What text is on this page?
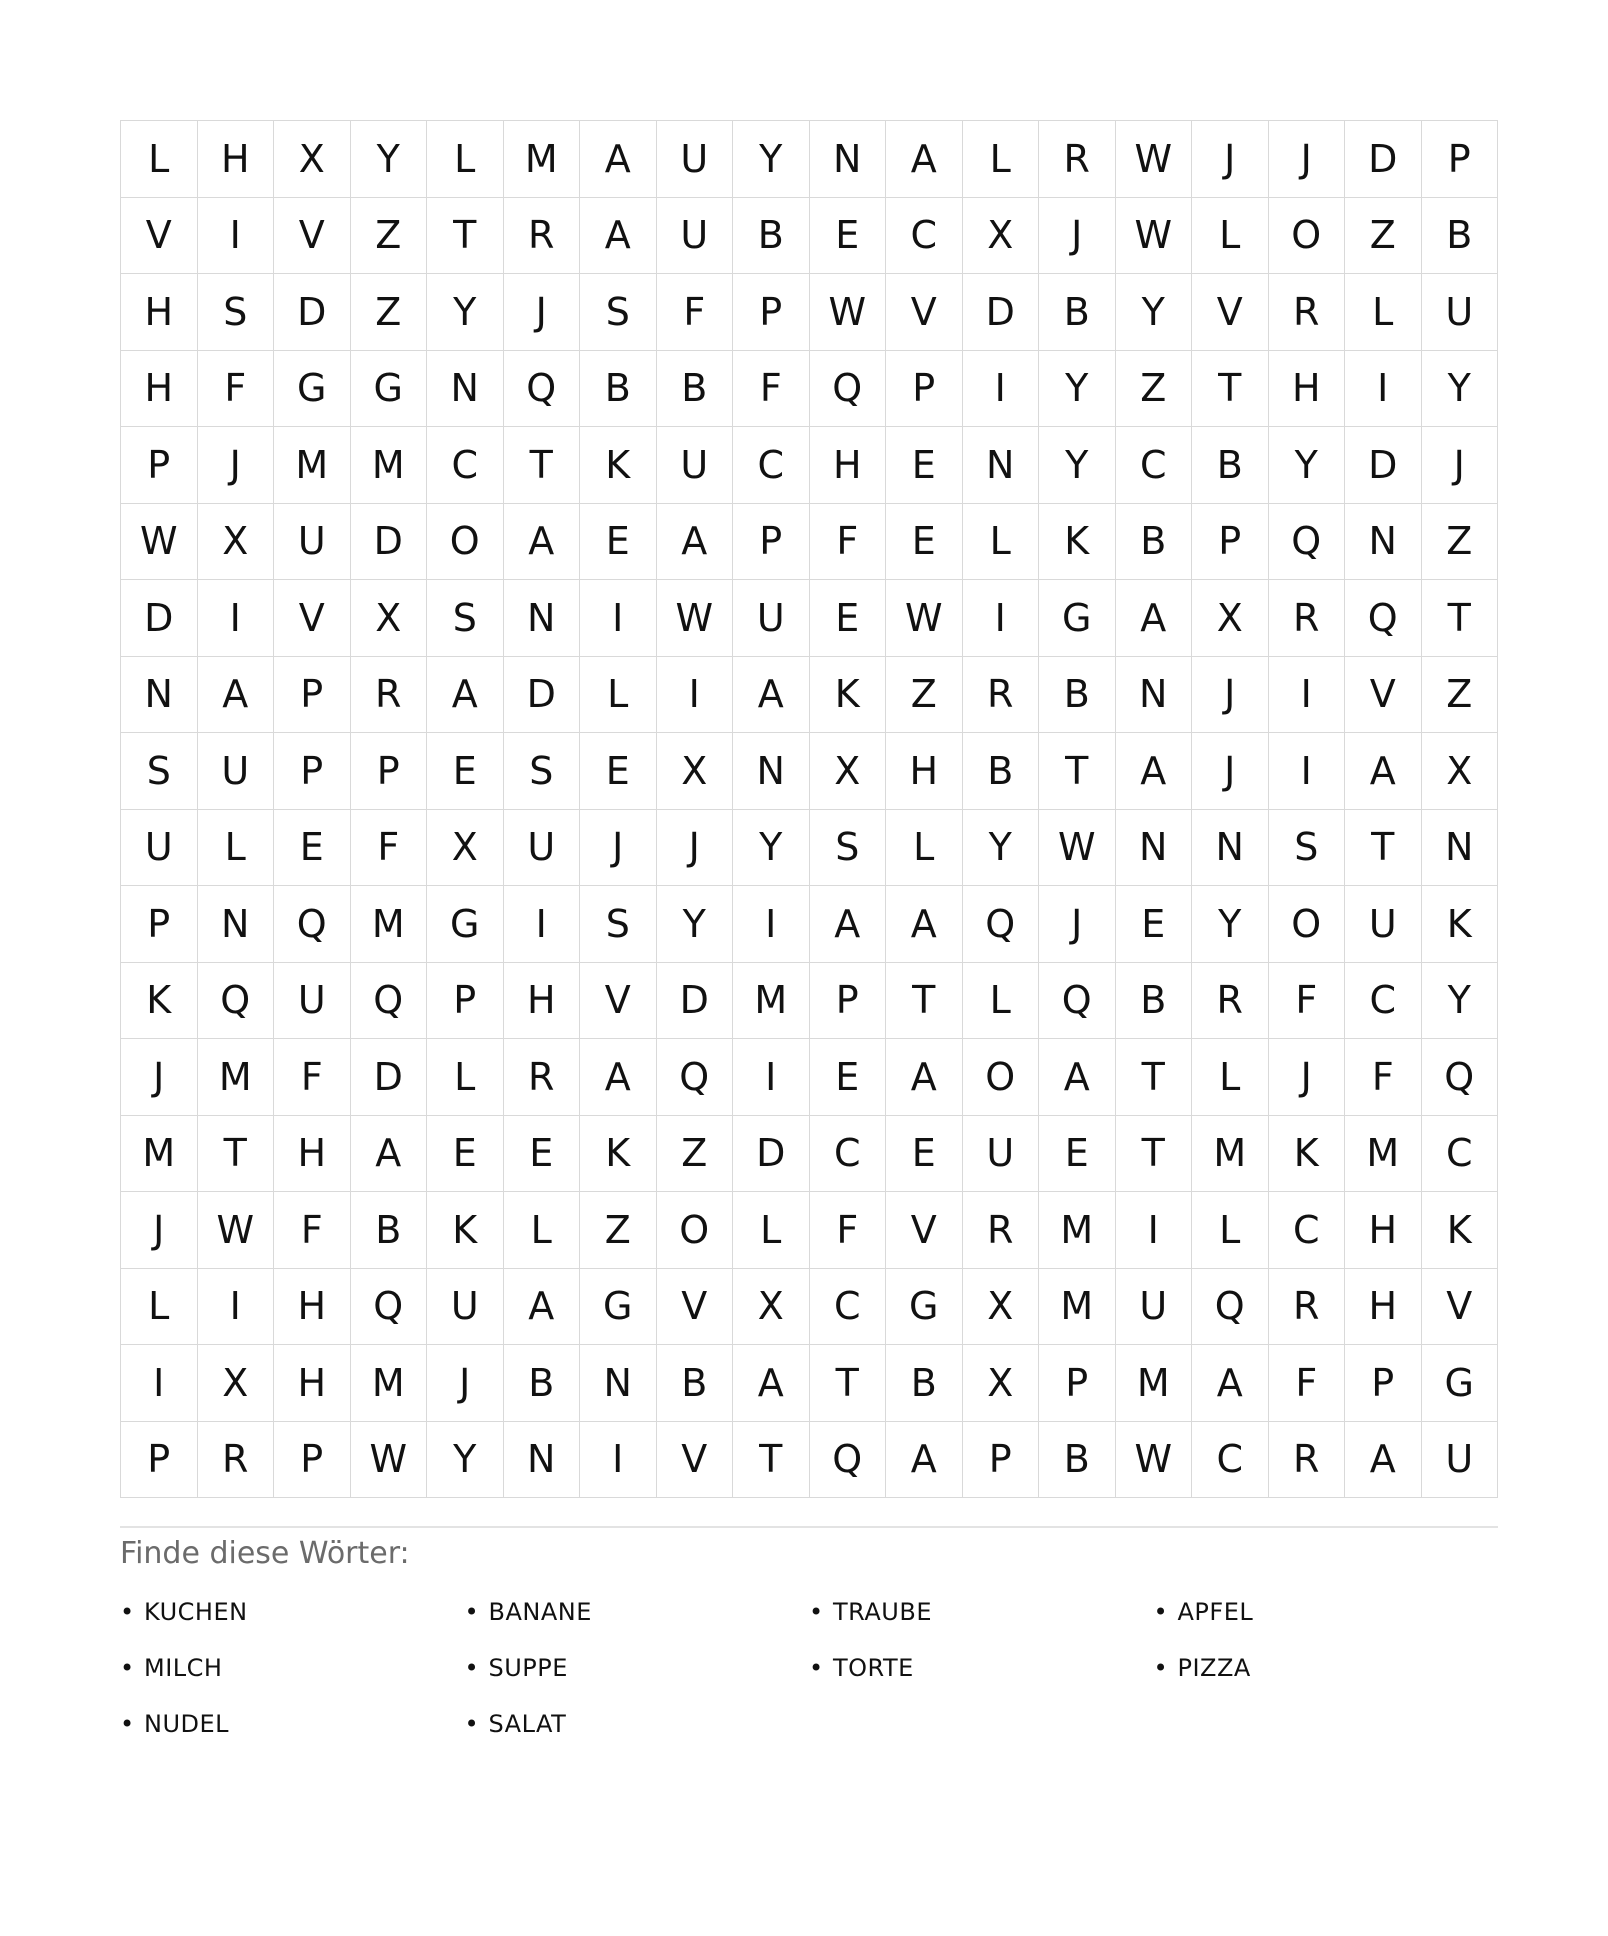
L	H	X	Y	L	M	A	U	Y	N	A	L	R	W	J	J	D	P
V	I	V	Z	T	R	A	U	B	E	C	X	J	W	L	O	Z	B
H	S	D	Z	Y	J	S	F	P	W	V	D	B	Y	V	R	L	U
H	F	G	G	N	Q	B	B	F	Q	P	I	Y	Z	T	H	I	Y
P	J	M	M	C	T	K	U	C	H	E	N	Y	C	B	Y	D	J
W	X	U	D	O	A	E	A	P	F	E	L	K	B	P	Q	N	Z
D	I	V	X	S	N	I	W	U	E	W	I	G	A	X	R	Q	T
N	A	P	R	A	D	L	I	A	K	Z	R	B	N	J	I	V	Z
S	U	P	P	E	S	E	X	N	X	H	B	T	A	J	I	A	X
U	L	E	F	X	U	J	J	Y	S	L	Y	W	N	N	S	T	N
P	N	Q	M	G	I	S	Y	I	A	A	Q	J	E	Y	O	U	K
K	Q	U	Q	P	H	V	D	M	P	T	L	Q	B	R	F	C	Y
J	M	F	D	L	R	A	Q	I	E	A	O	A	T	L	J	F	Q
M	T	H	A	E	E	K	Z	D	C	E	U	E	T	M	K	M	C
J	W	F	B	K	L	Z	O	L	F	V	R	M	I	L	C	H	K
L	I	H	Q	U	A	G	V	X	C	G	X	M	U	Q	R	H	V
I	X	H	M	J	B	N	B	A	T	B	X	P	M	A	F	P	G
P	R	P	W	Y	N	I	V	T	Q	A	P	B	W	C	R	A	U
Finde diese Wörter:
• KUCHEN	• BANANE	• TRAUBE	• APFEL
• MILCH	• SUPPE	• TORTE	• PIZZA
• NUDEL	• SALAT
